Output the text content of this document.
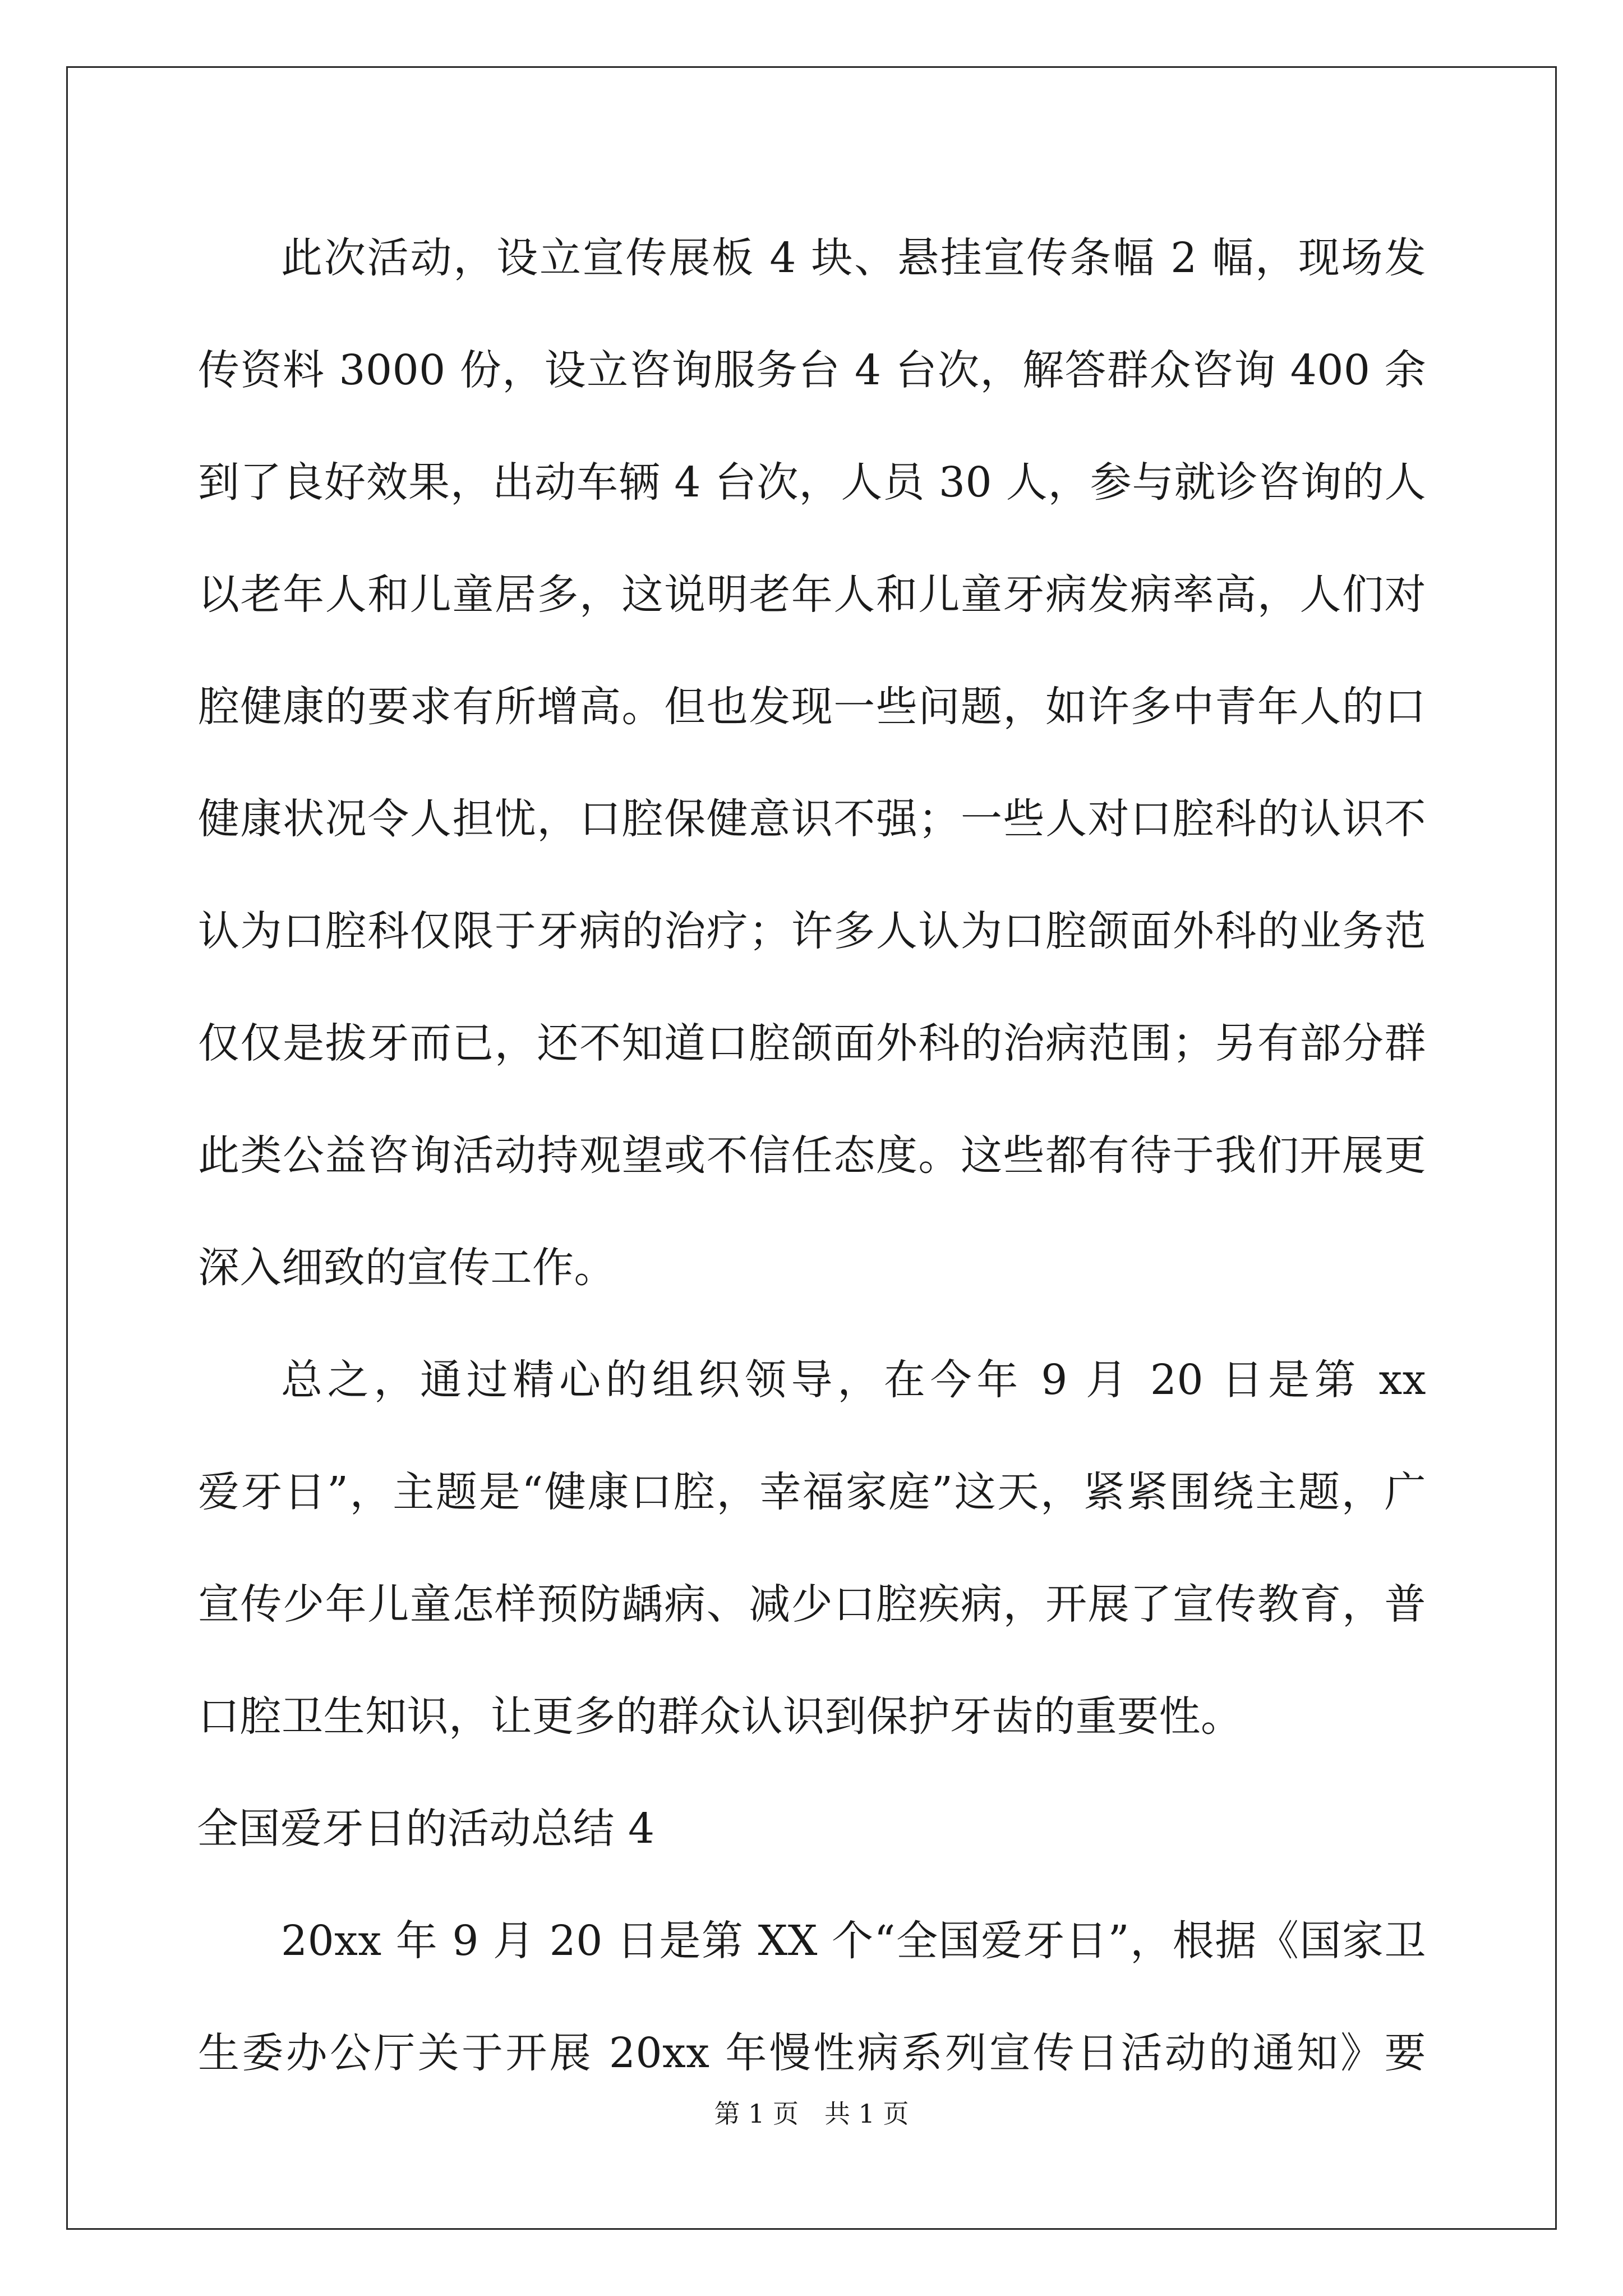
此次活动，设立宣传展板 4 块、悬挂宣传条幅 2 幅，现场发
传资料 3000 份，设立咨询服务台 4 台次，解答群众咨询 400 余
到了良好效果，出动车辆 4 台次，人员 30 人，参与就诊咨询的人
以老年人和儿童居多，这说明老年人和儿童牙病发病率高，人们对
腔健康的要求有所增高。但也发现一些问题，如许多中青年人的口
健康状况令人担忧，口腔保健意识不强；一些人对口腔科的认识不
认为口腔科仅限于牙病的治疗；许多人认为口腔颌面外科的业务范
仅仅是拔牙而已，还不知道口腔颌面外科的治病范围；另有部分群
此类公益咨询活动持观望或不信任态度。这些都有待于我们开展更
深入细致的宣传工作。
总之，通过精心的组织领导，在今年 9 月 20 日是第 xx
爱牙日”，主题是“健康口腔，幸福家庭”这天，紧紧围绕主题，广
宣传少年儿童怎样预防龋病、减少口腔疾病，开展了宣传教育，普
口腔卫生知识，让更多的群众认识到保护牙齿的重要性。
全国爱牙日的活动总结 4
20xx 年 9 月 20 日是第 XX 个“全国爱牙日”，根据《国家卫
生委办公厅关于开展 20xx 年慢性病系列宣传日活动的通知》要
第 1 页　共 1 页
